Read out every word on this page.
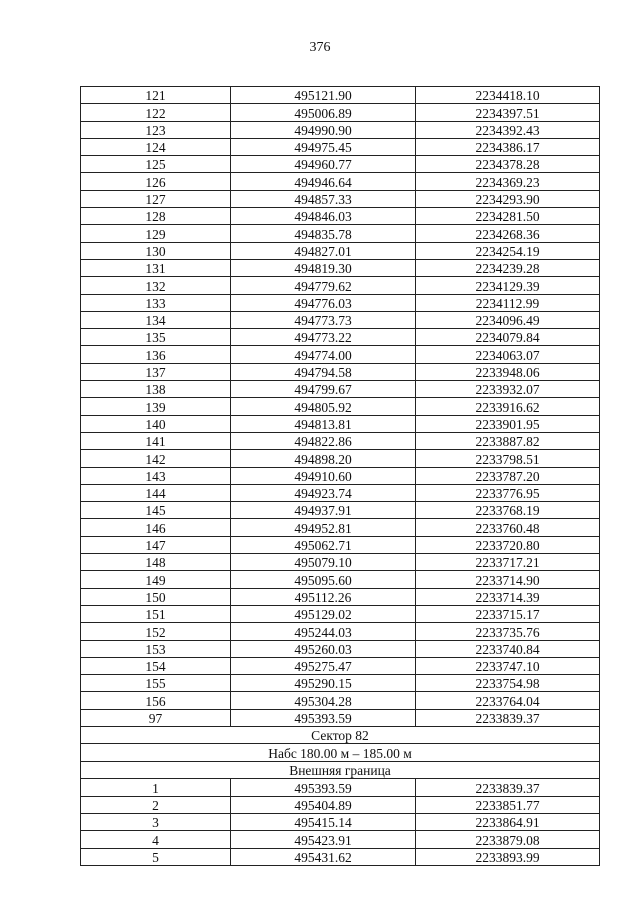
376
121	495121.90	2234418.10
122	495006.89	2234397.51
123	494990.90	2234392.43
124	494975.45	2234386.17
125	494960.77	2234378.28
126	494946.64	2234369.23
127	494857.33	2234293.90
128	494846.03	2234281.50
129	494835.78	2234268.36
130	494827.01	2234254.19
131	494819.30	2234239.28
132	494779.62	2234129.39
133	494776.03	2234112.99
134	494773.73	2234096.49
135	494773.22	2234079.84
136	494774.00	2234063.07
137	494794.58	2233948.06
138	494799.67	2233932.07
139	494805.92	2233916.62
140	494813.81	2233901.95
141	494822.86	2233887.82
142	494898.20	2233798.51
143	494910.60	2233787.20
144	494923.74	2233776.95
145	494937.91	2233768.19
146	494952.81	2233760.48
147	495062.71	2233720.80
148	495079.10	2233717.21
149	495095.60	2233714.90
150	495112.26	2233714.39
151	495129.02	2233715.17
152	495244.03	2233735.76
153	495260.03	2233740.84
154	495275.47	2233747.10
155	495290.15	2233754.98
156	495304.28	2233764.04
97	495393.59	2233839.37
Сектор 82		
Набс 180.00 м – 185.00 м		
Внешняя граница		
1	495393.59	2233839.37
2	495404.89	2233851.77
3	495415.14	2233864.91
4	495423.91	2233879.08
5	495431.62	2233893.99
